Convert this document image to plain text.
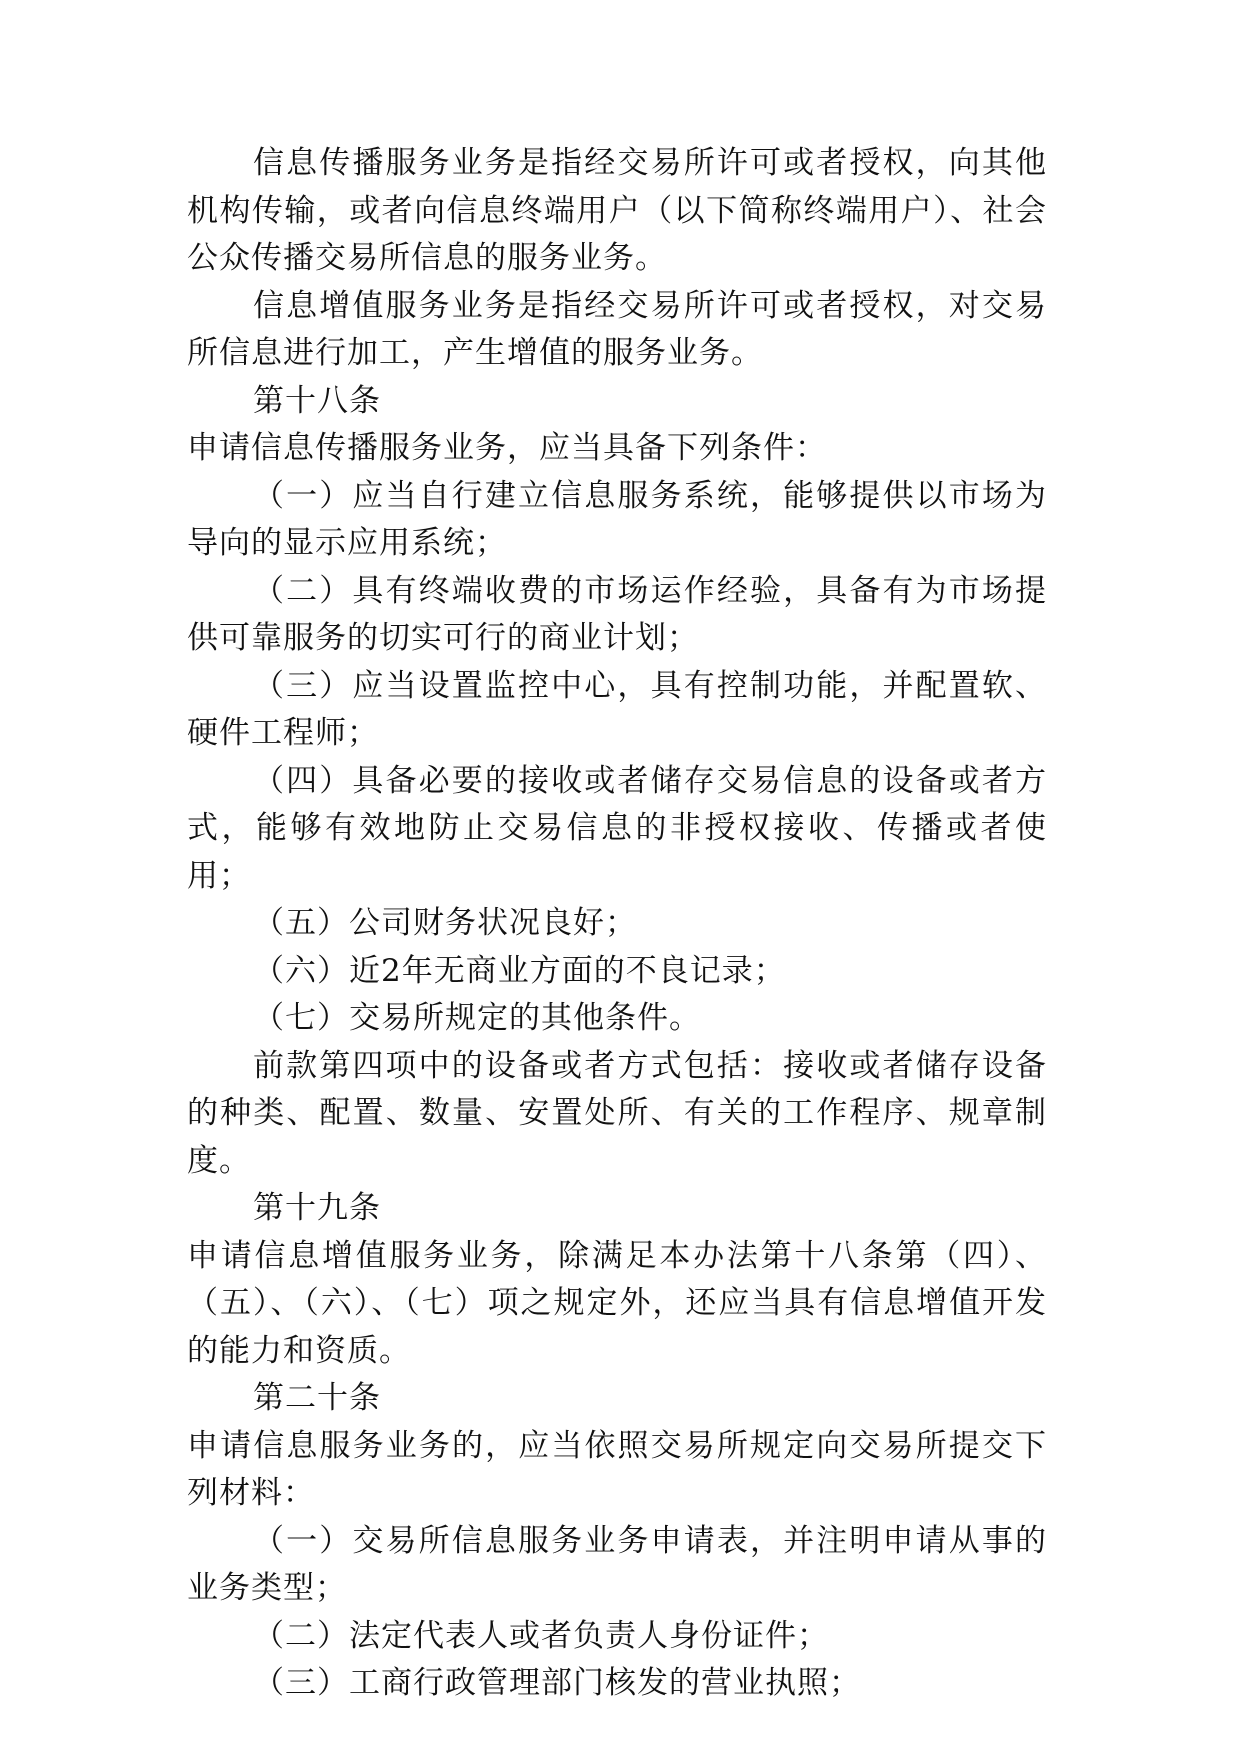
信息传播服务业务是指经交易所许可或者授权，向其他机构传输，或者向信息终端用户（以下简称终端用户）、社会公众传播交易所信息的服务业务。

信息增值服务业务是指经交易所许可或者授权，对交易所信息进行加工，产生增值的服务业务。

第十八条

申请信息传播服务业务，应当具备下列条件：

（一）应当自行建立信息服务系统，能够提供以市场为导向的显示应用系统；

（二）具有终端收费的市场运作经验，具备有为市场提供可靠服务的切实可行的商业计划；

（三）应当设置监控中心，具有控制功能，并配置软、硬件工程师；

（四）具备必要的接收或者储存交易信息的设备或者方式，能够有效地防止交易信息的非授权接收、传播或者使用；

（五）公司财务状况良好；

（六）近2年无商业方面的不良记录；

（七）交易所规定的其他条件。

前款第四项中的设备或者方式包括：接收或者储存设备的种类、配置、数量、安置处所、有关的工作程序、规章制度。

第十九条

申请信息增值服务业务，除满足本办法第十八条第（四）、（五）、（六）、（七）项之规定外，还应当具有信息增值开发的能力和资质。

第二十条

申请信息服务业务的，应当依照交易所规定向交易所提交下列材料：

（一）交易所信息服务业务申请表，并注明申请从事的业务类型；

（二）法定代表人或者负责人身份证件；

（三）工商行政管理部门核发的营业执照；
